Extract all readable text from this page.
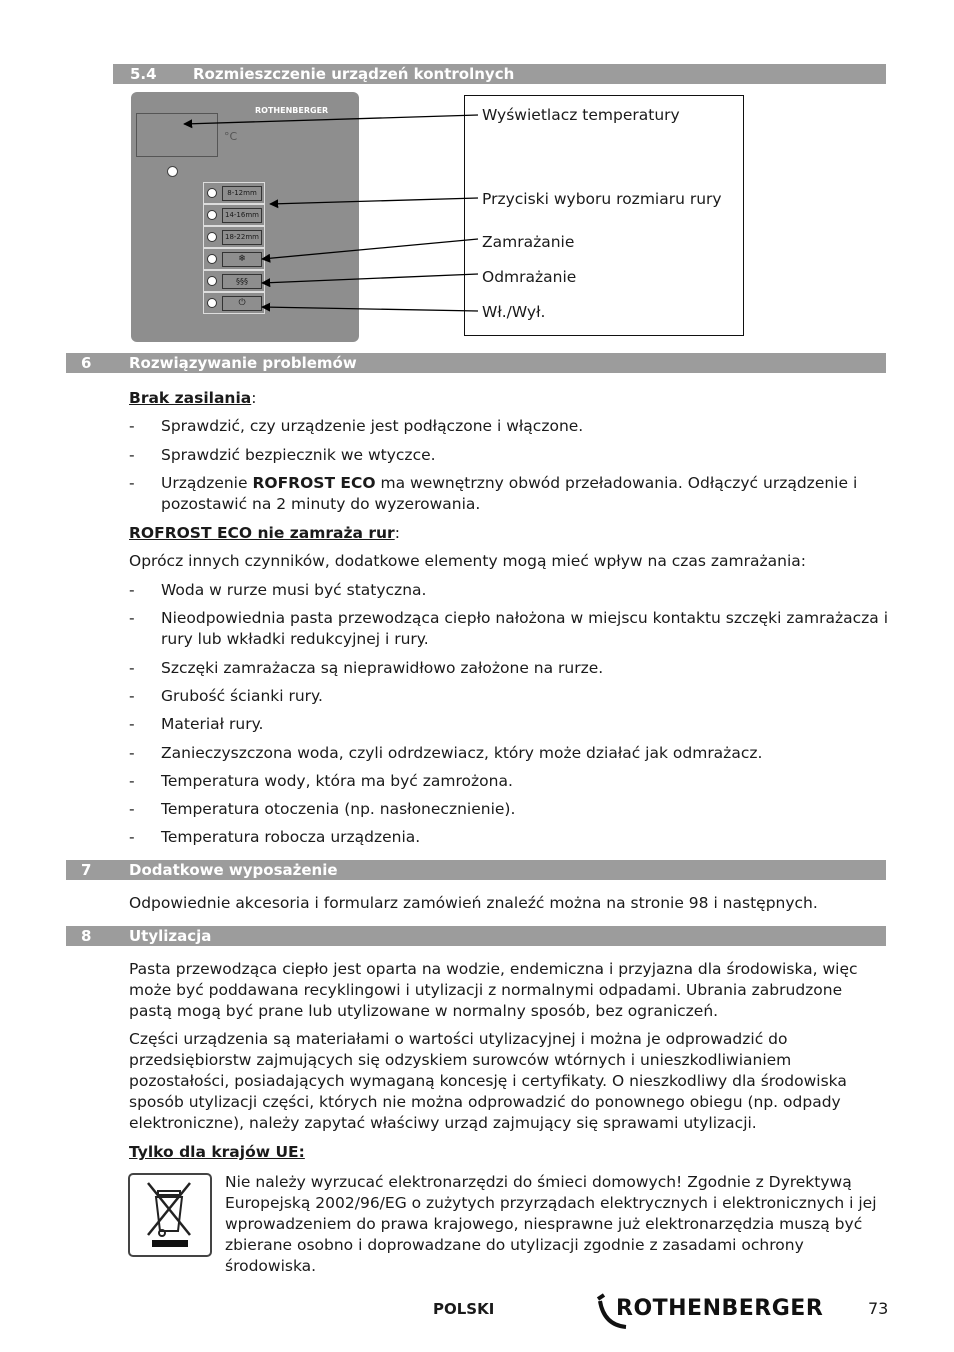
5.4 Rozmieszczenie urządzeń kontrolnych
ROTHENBERGER
°C
8-12mm
14-16mm
18-22mm
❄
§§§
⏻
Wyświetlacz temperatury
Przyciski wyboru rozmiaru rury
Zamrażanie
Odmrażanie
Wł./Wył.
6	Rozwiązywanie problemów
Brak zasilania:
- Sprawdzić, czy urządzenie jest podłączone i włączone.
- Sprawdzić bezpiecznik we wtyczce.
- Urządzenie ROFROST ECO ma wewnętrzny obwód przeładowania. Odłączyć urządzenie i pozostawić na 2 minuty do wyzerowania.
ROFROST ECO nie zamraża rur:
Oprócz innych czynników, dodatkowe elementy mogą mieć wpływ na czas zamrażania:
- Woda w rurze musi być statyczna.
- Nieodpowiednia pasta przewodząca ciepło nałożona w miejscu kontaktu szczęki zamrażacza i rury lub wkładki redukcyjnej i rury.
- Szczęki zamrażacza są nieprawidłowo założone na rurze.
- Grubość ścianki rury.
- Materiał rury.
- Zanieczyszczona woda, czyli odrdzewiacz, który może działać jak odmrażacz.
- Temperatura wody, która ma być zamrożona.
- Temperatura otoczenia (np. nasłonecznienie).
- Temperatura robocza urządzenia.
7	Dodatkowe wyposażenie
Odpowiednie akcesoria i formularz zamówień znaleźć można na stronie 98 i następnych.
8	Utylizacja
Pasta przewodząca ciepło jest oparta na wodzie, endemiczna i przyjazna dla środowiska, więc może być poddawana recyklingowi i utylizacji z normalnymi odpadami. Ubrania zabrudzone pastą mogą być prane lub utylizowane w normalny sposób, bez ograniczeń.
Części urządzenia są materiałami o wartości utylizacyjnej i można je odprowadzić do przedsiębiorstw zajmujących się odzyskiem surowców wtórnych i unieszkodliwianiem pozostałości, posiadających wymaganą koncesję i certyfikaty. O nieszkodliwy dla środowiska sposób utylizacji części, których nie można odprowadzić do ponownego obiegu (np. odpady elektroniczne), należy zapytać właściwy urząd zajmujący się sprawami utylizacji.
Tylko dla krajów UE:
Nie należy wyrzucać elektronarzędzi do śmieci domowych! Zgodnie z Dyrektywą Europejską 2002/96/EG o zużytych przyrządach elektrycznych i elektronicznych i jej wprowadzeniem do prawa krajowego, niesprawne już elektronarzędzia muszą być zbierane osobno i doprowadzane do utylizacji zgodnie z zasadami ochrony środowiska.
POLSKI	ROTHENBERGER	73
